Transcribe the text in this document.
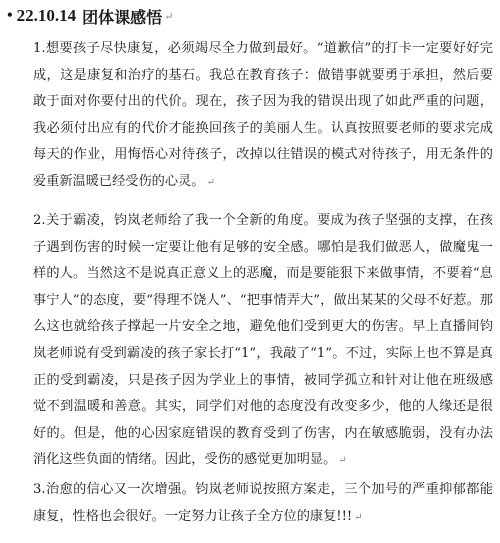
• 22.10.14 团体课感悟 ↵
1.想要孩子尽快康复，必须竭尽全力做到最好。“道歉信”的打卡一定要好好完成，这是康复和治疗的基石。我总在教育孩子：做错事就要勇于承担，然后要敢于面对你要付出的代价。现在，孩子因为我的错误出现了如此严重的问题，我必须付出应有的代价才能换回孩子的美丽人生。认真按照要老师的要求完成每天的作业，用悔悟心对待孩子，改掉以往错误的模式对待孩子，用无条件的爱重新温暖已经受伤的心灵。 ↵
2.关于霸凌，钧岚老师给了我一个全新的角度。要成为孩子坚强的支撑，在孩子遇到伤害的时候一定要让他有足够的安全感。哪怕是我们做恶人，做魔鬼一样的人。当然这不是说真正意义上的恶魔，而是要能狠下来做事情，不要着“息事宁人”的态度，要“得理不饶人”、“把事情弄大”，做出某某的父母不好惹。那么这也就给孩子撑起一片安全之地，避免他们受到更大的伤害。早上直播间钧岚老师说有受到霸凌的孩子家长打“1”，我敲了“1”。不过，实际上也不算是真正的受到霸凌，只是孩子因为学业上的事情，被同学孤立和针对让他在班级感觉不到温暖和善意。其实，同学们对他的态度没有改变多少，他的人缘还是很好的。但是，他的心因家庭错误的教育受到了伤害，内在敏感脆弱，没有办法消化这些负面的情绪。因此，受伤的感觉更加明显。 ↵
3.治愈的信心又一次增强。钧岚老师说按照方案走，三个加号的严重抑郁都能康复，性格也会很好。一定努力让孩子全方位的康复!!! ↵
